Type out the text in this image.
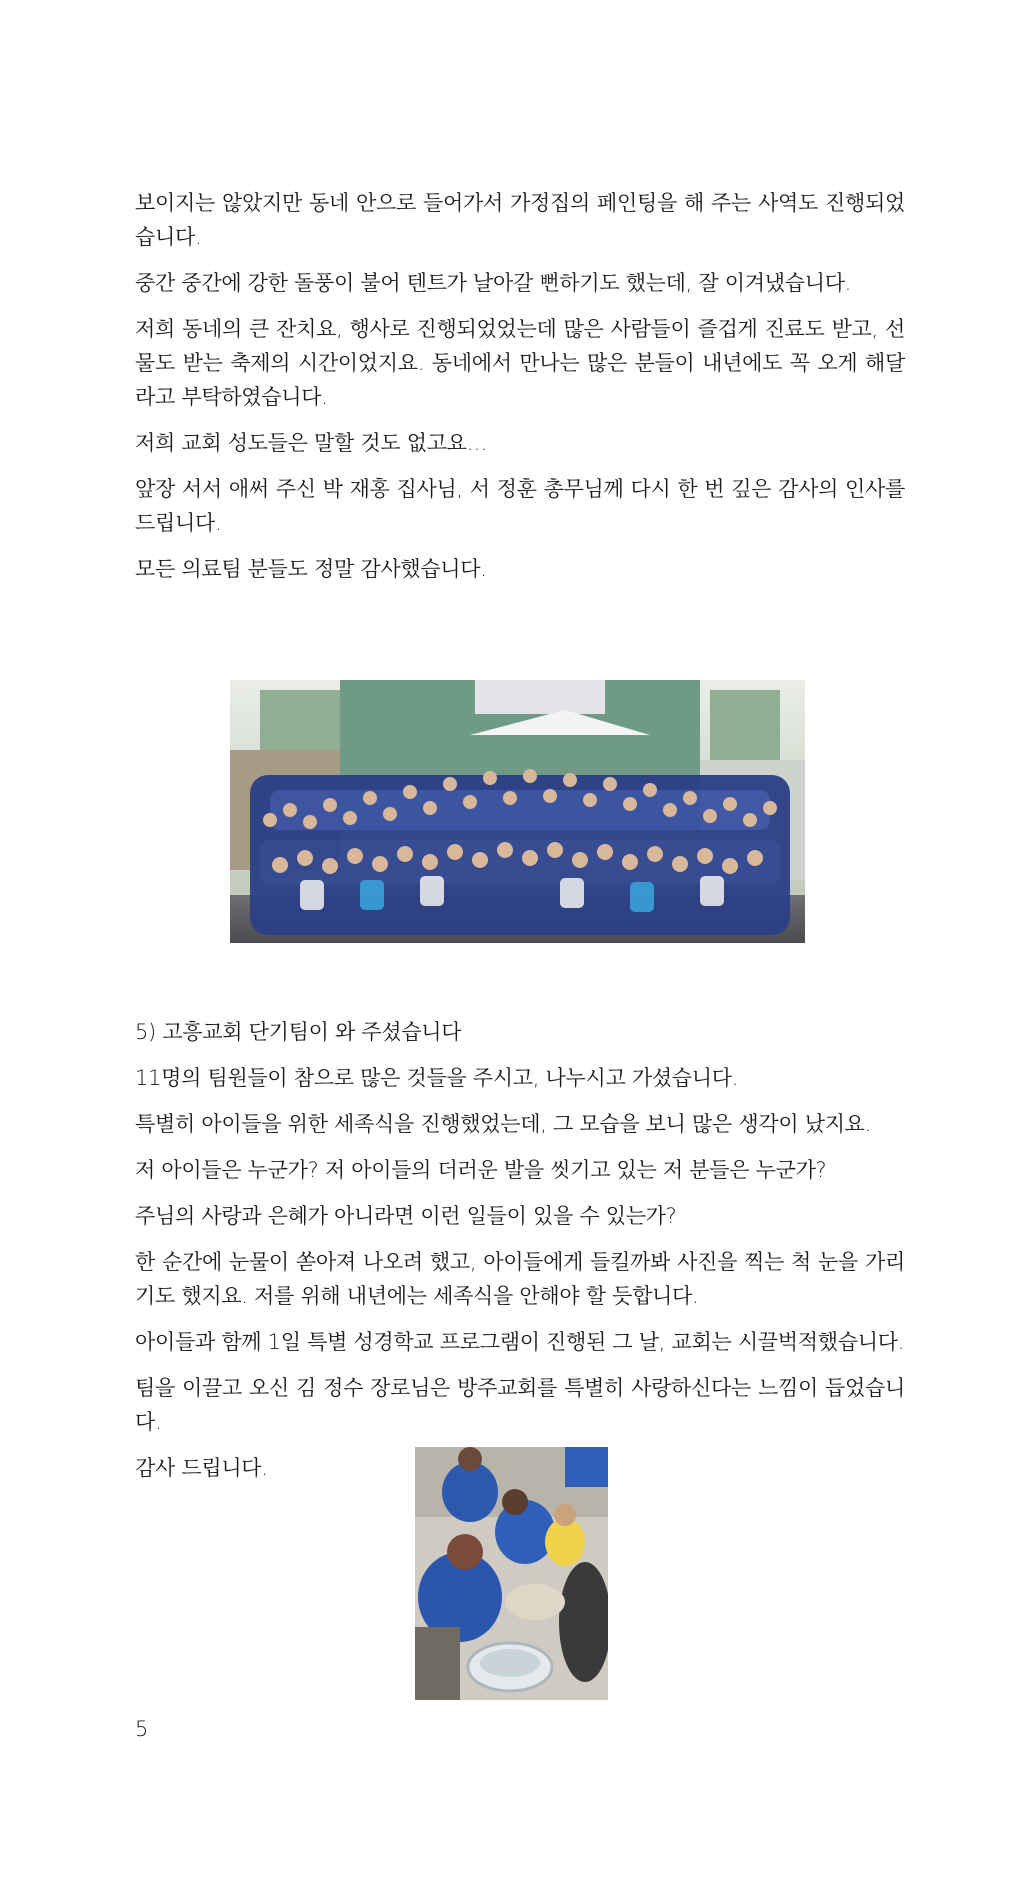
보이지는 않았지만 동네 안으로 들어가서 가정집의 페인팅을 해 주는 사역도 진행되었습니다.

중간 중간에 강한 돌풍이 불어 텐트가 날아갈 뻔하기도 했는데, 잘 이겨냈습니다.

저희 동네의 큰 잔치요, 행사로 진행되었었는데 많은 사람들이 즐겁게 진료도 받고, 선물도 받는 축제의 시간이었지요. 동네에서 만나는 많은 분들이 내년에도 꼭 오게 해달라고 부탁하였습니다.

저희 교회 성도들은 말할 것도 없고요…

앞장 서서 애써 주신 박 재홍 집사님, 서 정훈 총무님께 다시 한 번 깊은 감사의 인사를 드립니다.

모든 의료팀 분들도 정말 감사했습니다.

5) 고흥교회 단기팀이 와 주셨습니다

11명의 팀원들이 참으로 많은 것들을 주시고, 나누시고 가셨습니다.

특별히 아이들을 위한 세족식을 진행했었는데, 그 모습을 보니 많은 생각이 났지요.

저 아이들은 누군가? 저 아이들의 더러운 발을 씻기고 있는 저 분들은 누군가?

주님의 사랑과 은혜가 아니라면 이런 일들이 있을 수 있는가?

한 순간에 눈물이 쏟아져 나오려 했고, 아이들에게 들킬까봐 사진을 찍는 척 눈을 가리기도 했지요. 저를 위해 내년에는 세족식을 안해야 할 듯합니다.

아이들과 함께 1일 특별 성경학교 프로그램이 진행된 그 날, 교회는 시끌벅적했습니다.

팀을 이끌고 오신 김 정수 장로님은 방주교회를 특별히 사랑하신다는 느낌이 듭었습니다.

감사 드립니다.

5
